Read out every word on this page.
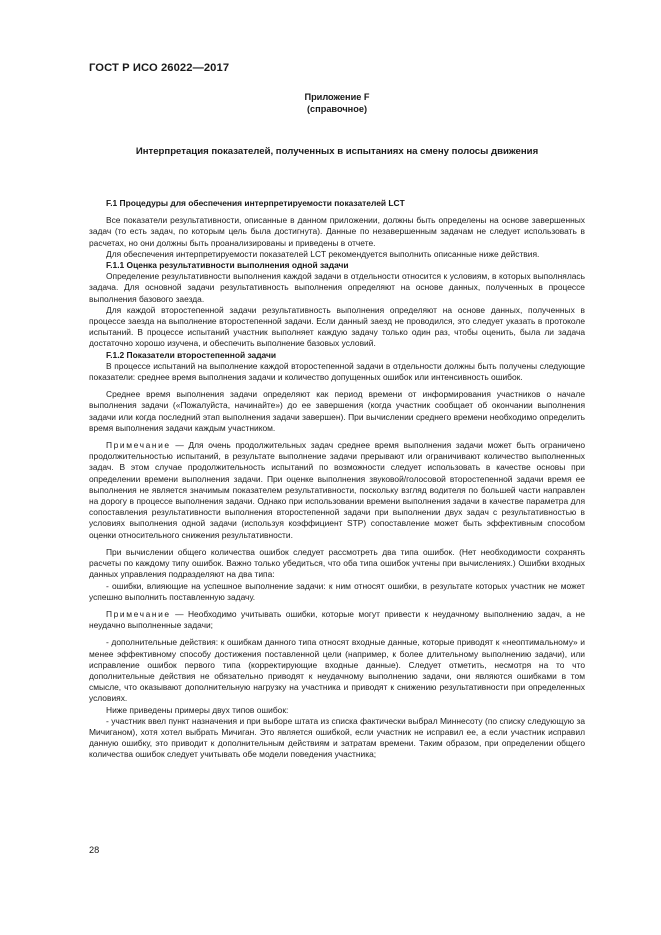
ГОСТ Р ИСО 26022—2017
Приложение F
(справочное)
Интерпретация показателей, полученных в испытаниях на смену полосы движения

F.1 Процедуры для обеспечения интерпретируемости показателей LCT

Все показатели результативности, описанные в данном приложении, должны быть определены на основе завершенных задач (то есть задач, по которым цель была достигнута). Данные по незавершенным задачам не следует использовать в расчетах, но они должны быть проанализированы и приведены в отчете.

Для обеспечения интерпретируемости показателей LCT рекомендуется выполнить описанные ниже действия.

F.1.1 Оценка результативности выполнения одной задачи

Определение результативности выполнения каждой задачи в отдельности относится к условиям, в которых выполнялась задача. Для основной задачи результативность выполнения определяют на основе данных, полученных в процессе выполнения базового заезда.

Для каждой второстепенной задачи результативность выполнения определяют на основе данных, полученных в процессе заезда на выполнение второстепенной задачи. Если данный заезд не проводился, это следует указать в протоколе испытаний. В процессе испытаний участник выполняет каждую задачу только один раз, чтобы оценить, была ли задача достаточно хорошо изучена, и обеспечить выполнение базовых условий.

F.1.2 Показатели второстепенной задачи

В процессе испытаний на выполнение каждой второстепенной задачи в отдельности должны быть получены следующие показатели: среднее время выполнения задачи и количество допущенных ошибок или интенсивность ошибок.

Среднее время выполнения задачи определяют как период времени от информирования участников о начале выполнения задачи («Пожалуйста, начинайте») до ее завершения (когда участник сообщает об окончании выполнения задачи или когда последний этап выполнения задачи завершен). При вычислении среднего времени необходимо определить время выполнения задачи каждым участником.

Примечание — Для очень продолжительных задач среднее время выполнения задачи может быть ограничено продолжительностью испытаний, в результате выполнение задачи прерывают или ограничивают количество выполненных задач. В этом случае продолжительность испытаний по возможности следует использовать в качестве основы при определении времени выполнения задачи. При оценке выполнения звуковой/голосовой второстепенной задачи время ее выполнения не является значимым показателем результативности, поскольку взгляд водителя по большей части направлен на дорогу в процессе выполнения задачи. Однако при использовании времени выполнения задачи в качестве параметра для сопоставления результативности выполнения второстепенной задачи при выполнении двух задач с результативностью в условиях выполнения одной задачи (используя коэффициент STP) сопоставление может быть эффективным способом оценки относительного снижения результативности.

При вычислении общего количества ошибок следует рассмотреть два типа ошибок. (Нет необходимости сохранять расчеты по каждому типу ошибок. Важно только убедиться, что оба типа ошибок учтены при вычислениях.) Ошибки входных данных управления подразделяют на два типа:

- ошибки, влияющие на успешное выполнение задачи: к ним относят ошибки, в результате которых участник не может успешно выполнить поставленную задачу.

Примечание — Необходимо учитывать ошибки, которые могут привести к неудачному выполнению задач, а не неудачно выполненные задачи;

- дополнительные действия: к ошибкам данного типа относят входные данные, которые приводят к «неоптимальному» и менее эффективному способу достижения поставленной цели (например, к более длительному выполнению задачи), или исправление ошибок первого типа (корректирующие входные данные). Следует отметить, несмотря на то что дополнительные действия не обязательно приводят к неудачному выполнению задачи, они являются ошибками в том смысле, что оказывают дополнительную нагрузку на участника и приводят к снижению результативности при определенных условиях.

Ниже приведены примеры двух типов ошибок:

- участник ввел пункт назначения и при выборе штата из списка фактически выбрал Миннесоту (по списку следующую за Мичиганом), хотя хотел выбрать Мичиган. Это является ошибкой, если участник не исправил ее, а если участник исправил данную ошибку, это приводит к дополнительным действиям и затратам времени. Таким образом, при определении общего количества ошибок следует учитывать обе модели поведения участника;

28
